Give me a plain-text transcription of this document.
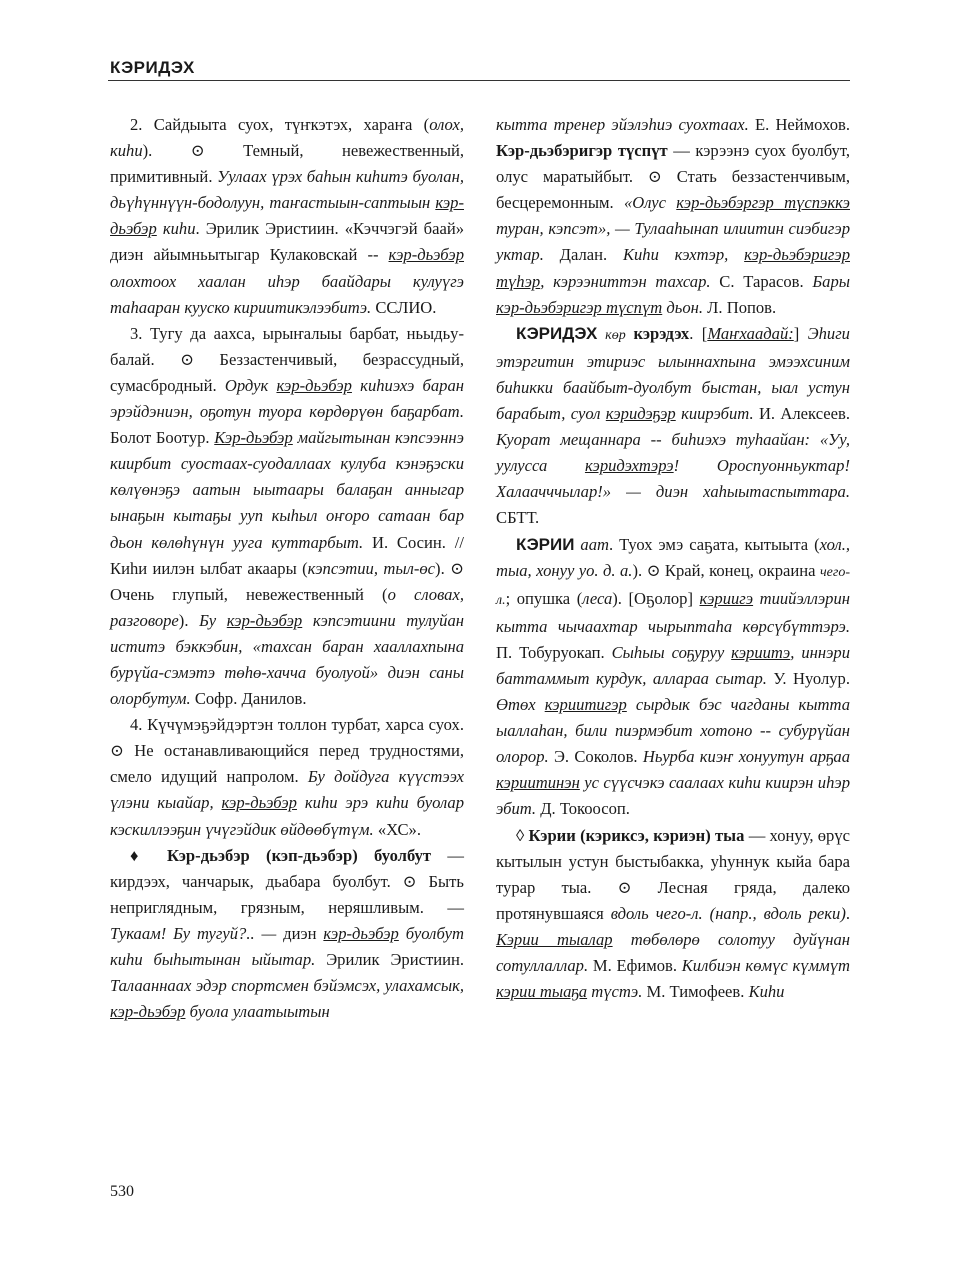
КЭРИДЭХ

2. Сайдыыта суох, түҥкэтэх, хараҥа (олох, киһи). ⊙ Темный, невежественный, примитивный. Уулаах үрэх баһын киһитэ буолан, дьүһүннүүн-бодолуун, таҥастыын-саптыын кэр-дьэбэр киһи. Эрилик Эристиин. «Кэччэгэй баай» диэн айымньытыгар Кулаковскай -- кэр-дьэбэр олохтоох хаалан иһэр баайдары кулуүгэ таһааран кууско кириитикэлээбитэ. ССЛИО.

3. Тугу да аахса, ырыҥалыы барбат, ньыдьу-балай. ⊙ Беззастенчивый, безрассудный, сумасбродный. Ордук кэр-дьэбэр киһиэхэ баран эрэйдэниэн, оҕотун туора көрдөрүөн баҕарбат. Болот Боотур. Кэр-дьэбэр майгытынан кэпсээннэ киирбит суостаах-суодаллаах кулуба кэнэҕэски көлүөнэҕэ аатын ыытаары балаҕан анныгар ынаҕын кытаҕы ууп кыһыл оҥоро сатаан бар дьон көлөһүнүн ууга куттарбыт. И. Сосин. // Киһи иилэн ылбат акаары (кэпсэтии, тыл-өс). ⊙ Очень глупый, невежественный (о словах, разговоре). Бу кэр-дьэбэр кэпсэтиини тулуйан иститэ бэккэбин, «тахсан баран хааллахпына бурүйа-сэмэтэ төһө-хачча буолуой» диэн саны олорбутум. Софр. Данилов.

4. Күчүмэҕэйдэртэн толлон турбат, харса суох. ⊙ Не останавливающийся перед трудностями, смело идущий напролом. Бу дойдуга күүстээх үлэни кыайар, кэр-дьэбэр киһи эрэ киһи буолар кэскиллээҕин үчүгэйдик өйдөөбүтүм. «ХС».

♦ Кэр-дьэбэр (кэп-дьэбэр) буолбут — кирдээх, чанчарык, дьабара буолбут. ⊙ Быть неприглядным, грязным, неряшливым. — Тукаам! Бу тугуй?.. — диэн кэр-дьэбэр буолбут киһи быһытынан ыйытар. Эрилик Эристиин. Талааннаах эдэр спортсмен бэйэмсэх, улахамсык, кэр-дьэбэр буола улаатыытын

кытта тренер эйэлэһиэ суохтаах. Е. Неймохов. Кэр-дьэбэригэр түспүт — кэрээнэ суох буолбут, олус маратыйбыт. ⊙ Стать беззастенчивым, бесцеремонным. «Олус кэр-дьэбэргэр түспэккэ туран, кэпсэт», — Тулааһынап илиитин сиэбигэр уктар. Далан. Киһи кэхтэр, кэр-дьэбэригэр түһэр, кэрээниттэн тахсар. С. Тарасов. Бары кэр-дьэбэригэр түспүт дьон. Л. Попов.

КЭРИДЭХ көр кэрэдэх. [Маҥхаадай:] Эһиги этэргитин этириэс ылыннахпына эмээхсиним биһикки баайбыт-дуолбут быстан, ыал устун барабыт, суол кэридэҕэр киирэбит. И. Алексеев. Куорат мещаннара -- биһиэхэ туһаайан: «Уу, уулусса кэридэхтэрэ! Ороспуонньуктар! Халаачччылар!» — диэн хаһыытаспыттара. СБТТ.

КЭРИИ аат. Туох эмэ саҕата, кытыыта (хол., тыа, хонуу уо. д. а.). ⊙ Край, конец, окраина чего-л.; опушка (леса). [Оҕолор] кэриигэ тиийэллэрин кытта чычаахтар чырыптаһа көрсүбүттэрэ. П. Тобуруокап. Сыһыы соҕуруу кэриитэ, иннэри баттаммыт курдук, алларaа сытар. У. Нуолур. Өтөх кэриитигэр сырдык бэс чагданы кытта ыаллаһан, били пиэрмэбит хотоно -- субурүйан олорор. Э. Соколов. Ньурба киэҥ хонуутун арҕаа кэриитинэн ус сүүсчэкэ саалаах киһи киирэн иһэр эбит. Д. Токоосоп.

◊ Кэрии (кэриксэ, кэриэн) тыа — хонуу, өрүс кытылын устун быстыбакка, уһуннук кыйа бара турар тыа. ⊙ Лесная гряда, далеко протянувшаяся вдоль чего-л. (напр., вдоль реки). Кэрии тыалар төбөлөрө солотуу дуйүнан сотуллаллар. М. Ефимов. Килбиэн көмүс күммүт кэрии тыаҕа түстэ. М. Тимофеев. Киһи

530
